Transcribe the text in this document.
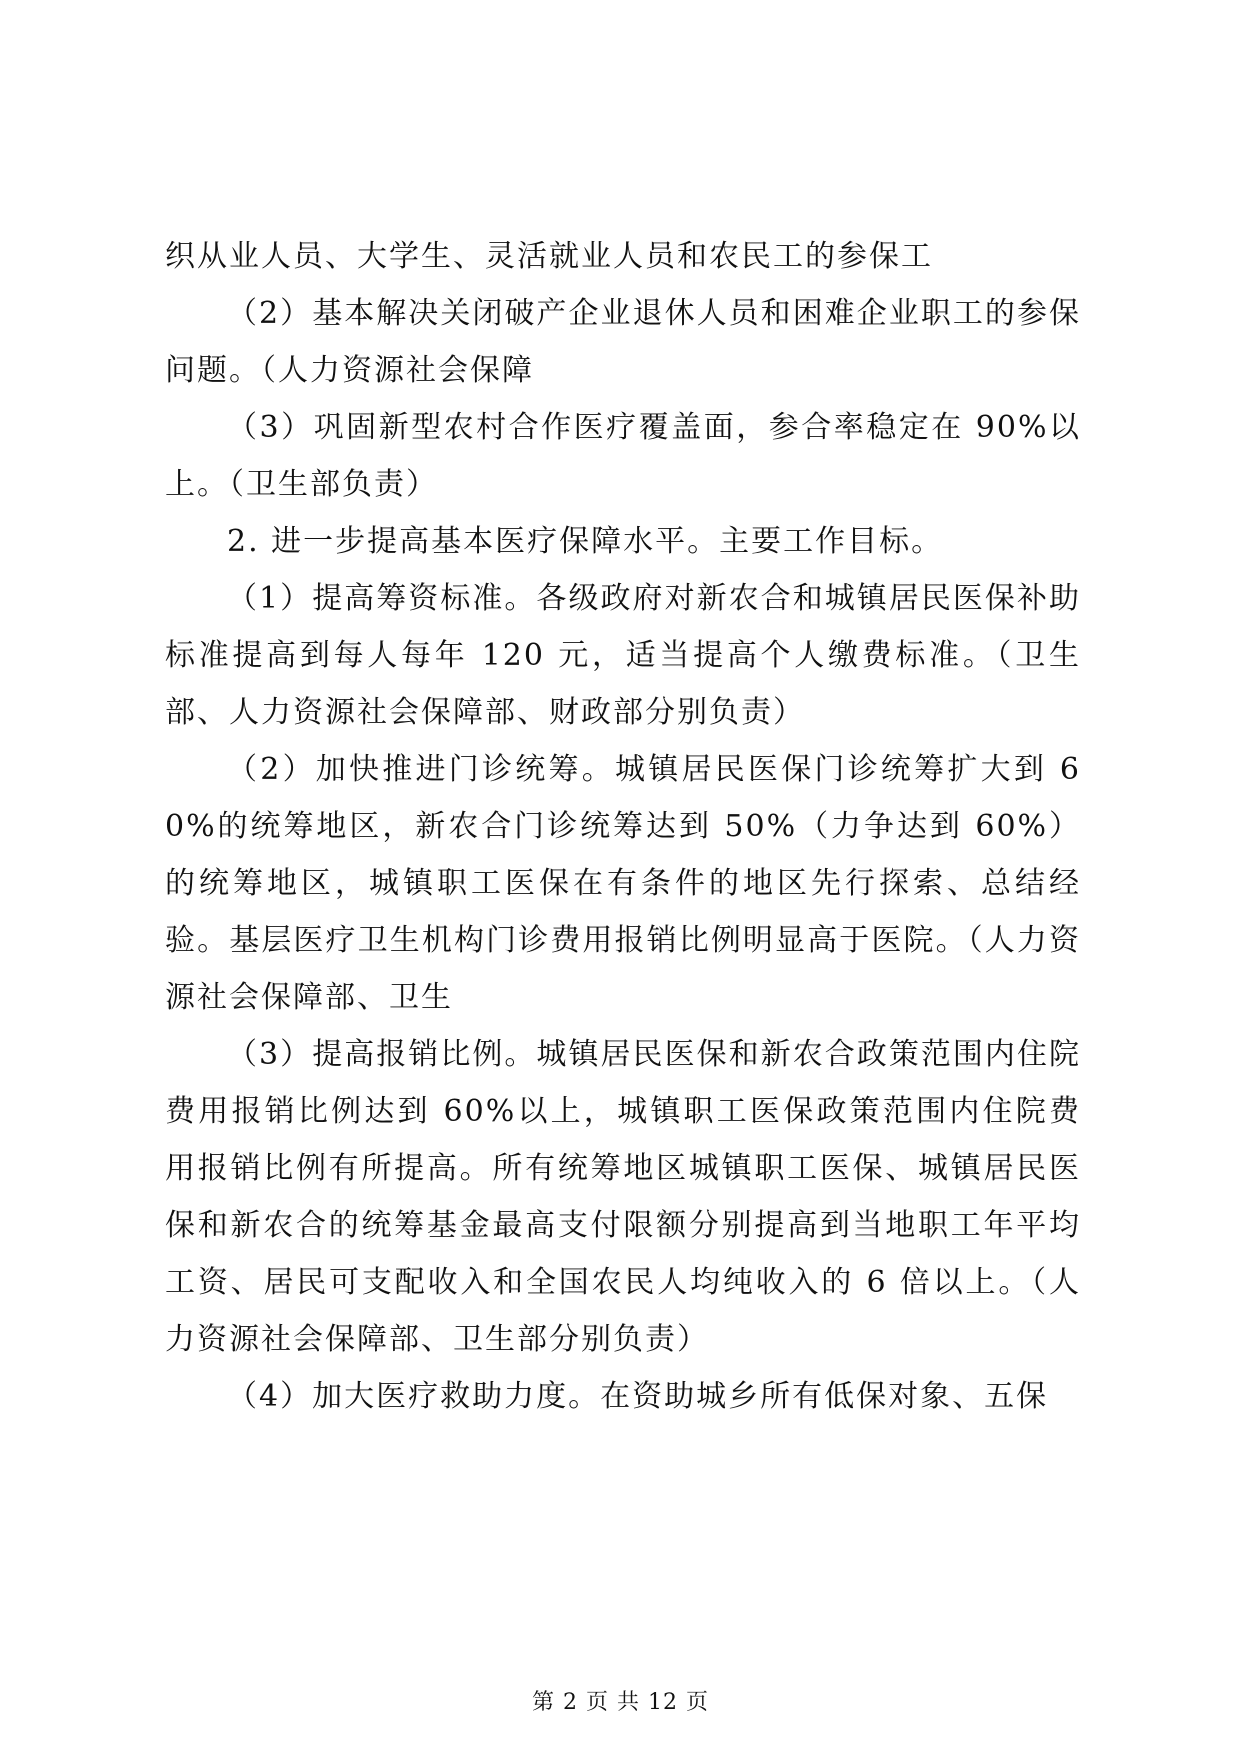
织从业人员、大学生、灵活就业人员和农民工的参保工

（2）基本解决关闭破产企业退休人员和困难企业职工的参保问题。（人力资源社会保障

（3）巩固新型农村合作医疗覆盖面，参合率稳定在 90%以上。（卫生部负责）

2. 进一步提高基本医疗保障水平。主要工作目标。

（1）提高筹资标准。各级政府对新农合和城镇居民医保补助标准提高到每人每年 120 元，适当提高个人缴费标准。（卫生部、人力资源社会保障部、财政部分别负责）

（2）加快推进门诊统筹。城镇居民医保门诊统筹扩大到 60%的统筹地区，新农合门诊统筹达到 50%（力争达到 60%）的统筹地区，城镇职工医保在有条件的地区先行探索、总结经验。基层医疗卫生机构门诊费用报销比例明显高于医院。（人力资源社会保障部、卫生

（3）提高报销比例。城镇居民医保和新农合政策范围内住院费用报销比例达到 60%以上，城镇职工医保政策范围内住院费用报销比例有所提高。所有统筹地区城镇职工医保、城镇居民医保和新农合的统筹基金最高支付限额分别提高到当地职工年平均工资、居民可支配收入和全国农民人均纯收入的 6 倍以上。（人力资源社会保障部、卫生部分别负责）

（4）加大医疗救助力度。在资助城乡所有低保对象、五保

第 2 页 共 12 页
